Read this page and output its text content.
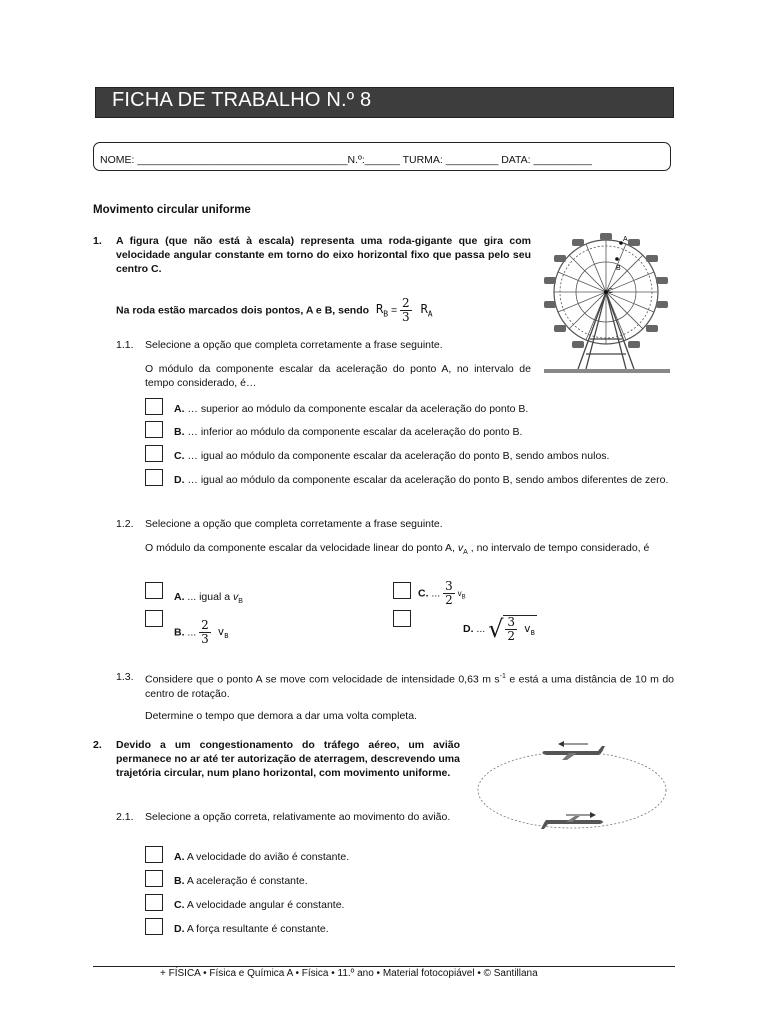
FICHA DE TRABALHO N.º 8
NOME: ____________________________________N.º:______ TURMA: _________ DATA: __________
Movimento circular uniforme
1. A figura (que não está à escala) representa uma roda-gigante que gira com velocidade angular constante em torno do eixo horizontal fixo que passa pelo seu centro C.
Na roda estão marcados dois pontos, A e B, sendo $R_B = \frac{2}{3} R_A$
A
B
C
1.1. Selecione a opção que completa corretamente a frase seguinte.
O módulo da componente escalar da aceleração do ponto A, no intervalo de tempo considerado, é…
A. … superior ao módulo da componente escalar da aceleração do ponto B.
B. … inferior ao módulo da componente escalar da aceleração do ponto B.
C. … igual ao módulo da componente escalar da aceleração do ponto B, sendo ambos nulos.
D. … igual ao módulo da componente escalar da aceleração do ponto B, sendo ambos diferentes de zero.
1.2. Selecione a opção que completa corretamente a frase seguinte.
O módulo da componente escalar da velocidade linear do ponto A, $v_A$ , no intervalo de tempo considerado, é
A. ... igual a $v_B$
B. ... $\frac{2}{3} v_B$
C. ... $\frac{3}{2} v_B$
D. ... √ $\frac{3}{2} v_B$
1.3. Considere que o ponto A se move com velocidade de intensidade 0,63 m $s^{-1}$ e está a uma distância de 10 m do centro de rotação.
Determine o tempo que demora a dar uma volta completa.
2. Devido a um congestionamento do tráfego aéreo, um avião permanece no ar até ter autorização de aterragem, descrevendo uma trajetória circular, num plano horizontal, com movimento uniforme.
2.1. Selecione a opção correta, relativamente ao movimento do avião.
A. A velocidade do avião é constante.
B. A aceleração é constante.
C. A velocidade angular é constante.
D. A força resultante é constante.
+ FÍSICA • Física e Química A • Física • 11.º ano • Material fotocopiável • © Santillana
